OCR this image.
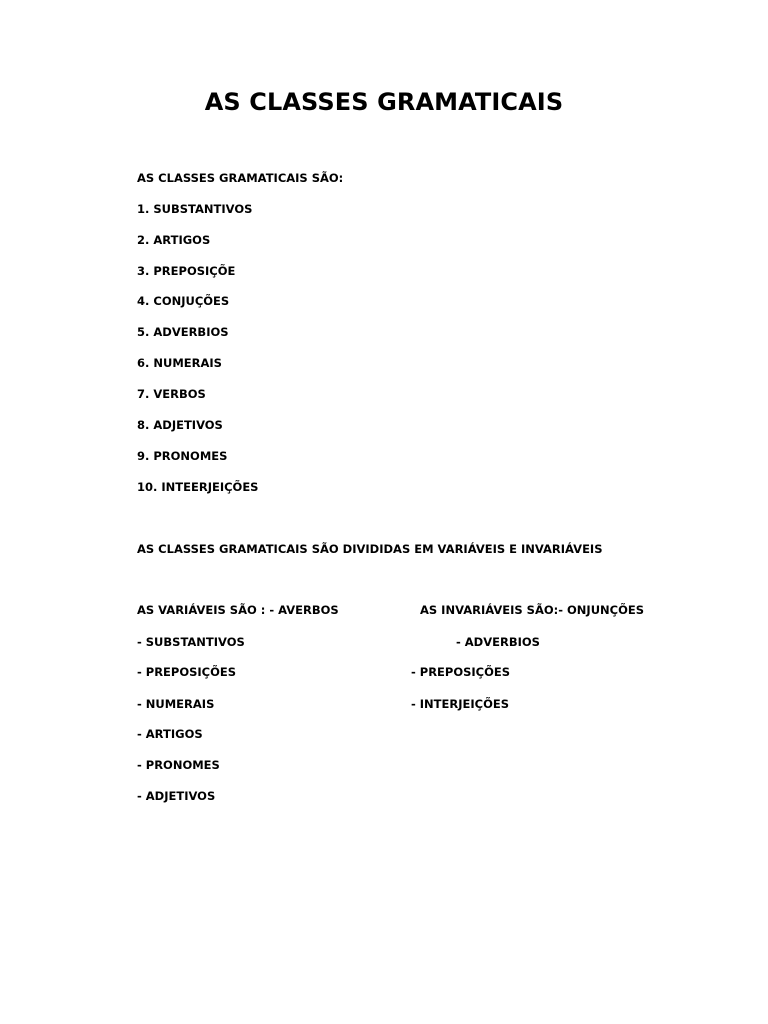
AS CLASSES GRAMATICAIS

AS CLASSES GRAMATICAIS SÃO:

1. SUBSTANTIVOS

2. ARTIGOS

3. PREPOSIÇÕE

4. CONJUÇÕES

5. ADVERBIOS

6. NUMERAIS

7. VERBOS

8. ADJETIVOS

9. PRONOMES

10. INTEERJEIÇÕES

AS CLASSES GRAMATICAIS SÃO DIVIDIDAS EM VARIÁVEIS E INVARIÁVEIS

AS VARIÁVEIS SÃO : - AVERBOS	AS INVARIÁVEIS SÃO:- ONJUNÇÕES

- SUBSTANTIVOS	- ADVERBIOS

- PREPOSIÇÕES	- PREPOSIÇÕES

- NUMERAIS	- INTERJEIÇÕES

- ARTIGOS

- PRONOMES

- ADJETIVOS
